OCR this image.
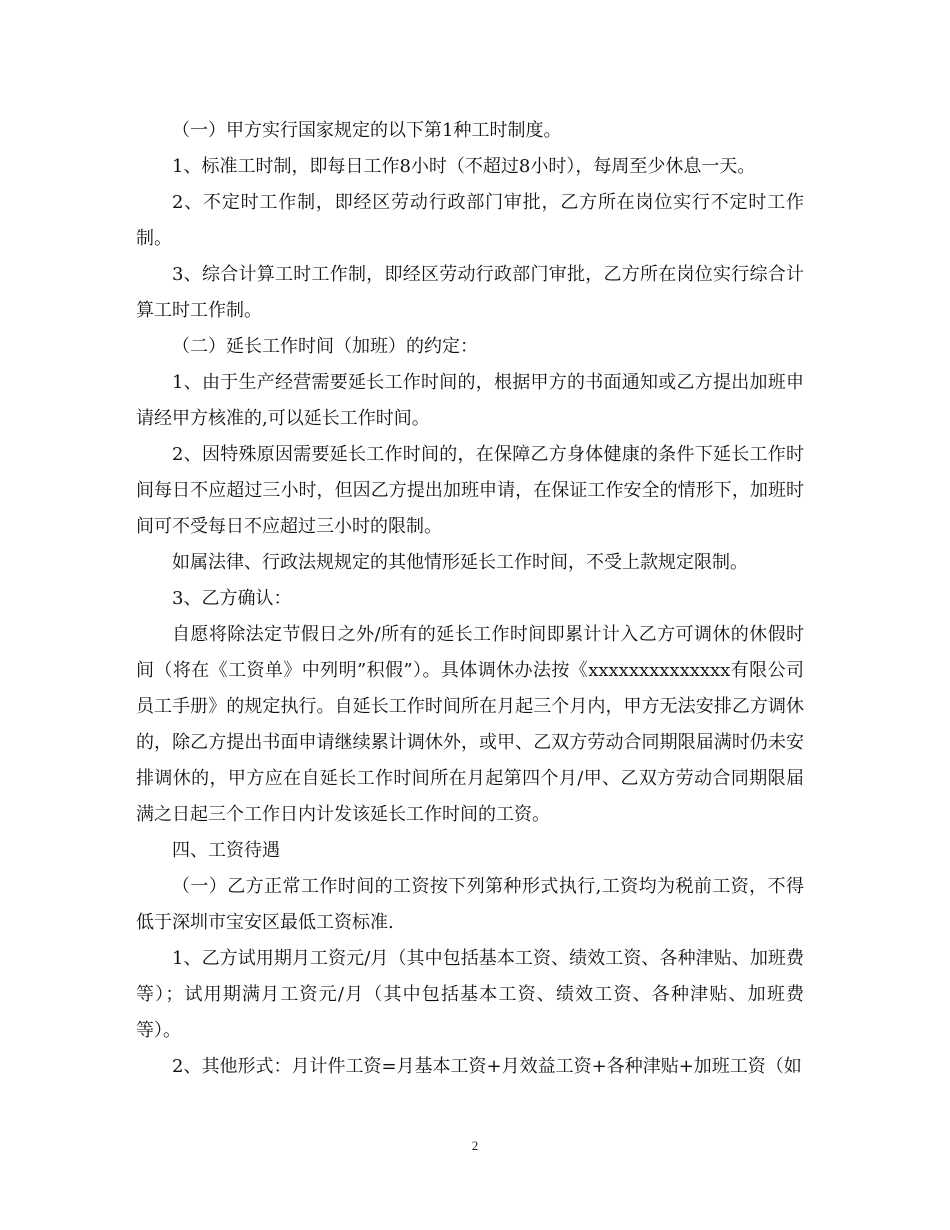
（一）甲方实行国家规定的以下第1种工时制度。

1、标准工时制，即每日工作8小时（不超过8小时），每周至少休息一天。

2、不定时工作制，即经区劳动行政部门审批，乙方所在岗位实行不定时工作制。

3、综合计算工时工作制，即经区劳动行政部门审批，乙方所在岗位实行综合计算工时工作制。

（二）延长工作时间（加班）的约定：

1、由于生产经营需要延长工作时间的，根据甲方的书面通知或乙方提出加班申请经甲方核准的,可以延长工作时间。

2、因特殊原因需要延长工作时间的，在保障乙方身体健康的条件下延长工作时间每日不应超过三小时，但因乙方提出加班申请，在保证工作安全的情形下，加班时间可不受每日不应超过三小时的限制。

如属法律、行政法规规定的其他情形延长工作时间，不受上款规定限制。

3、乙方确认：

自愿将除法定节假日之外/所有的延长工作时间即累计计入乙方可调休的休假时间（将在《工资单》中列明”积假”）。具体调休办法按《xxxxxxxxxxxxxx有限公司员工手册》的规定执行。自延长工作时间所在月起三个月内，甲方无法安排乙方调休的，除乙方提出书面申请继续累计调休外，或甲、乙双方劳动合同期限届满时仍未安排调休的，甲方应在自延长工作时间所在月起第四个月/甲、乙双方劳动合同期限届满之日起三个工作日内计发该延长工作时间的工资。

四、工资待遇

（一）乙方正常工作时间的工资按下列第种形式执行,工资均为税前工资，不得低于深圳市宝安区最低工资标准.

1、乙方试用期月工资元/月（其中包括基本工资、绩效工资、各种津贴、加班费等）；试用期满月工资元/月（其中包括基本工资、绩效工资、各种津贴、加班费等）。

2、其他形式：月计件工资=月基本工资+月效益工资+各种津贴+加班工资（如

2
